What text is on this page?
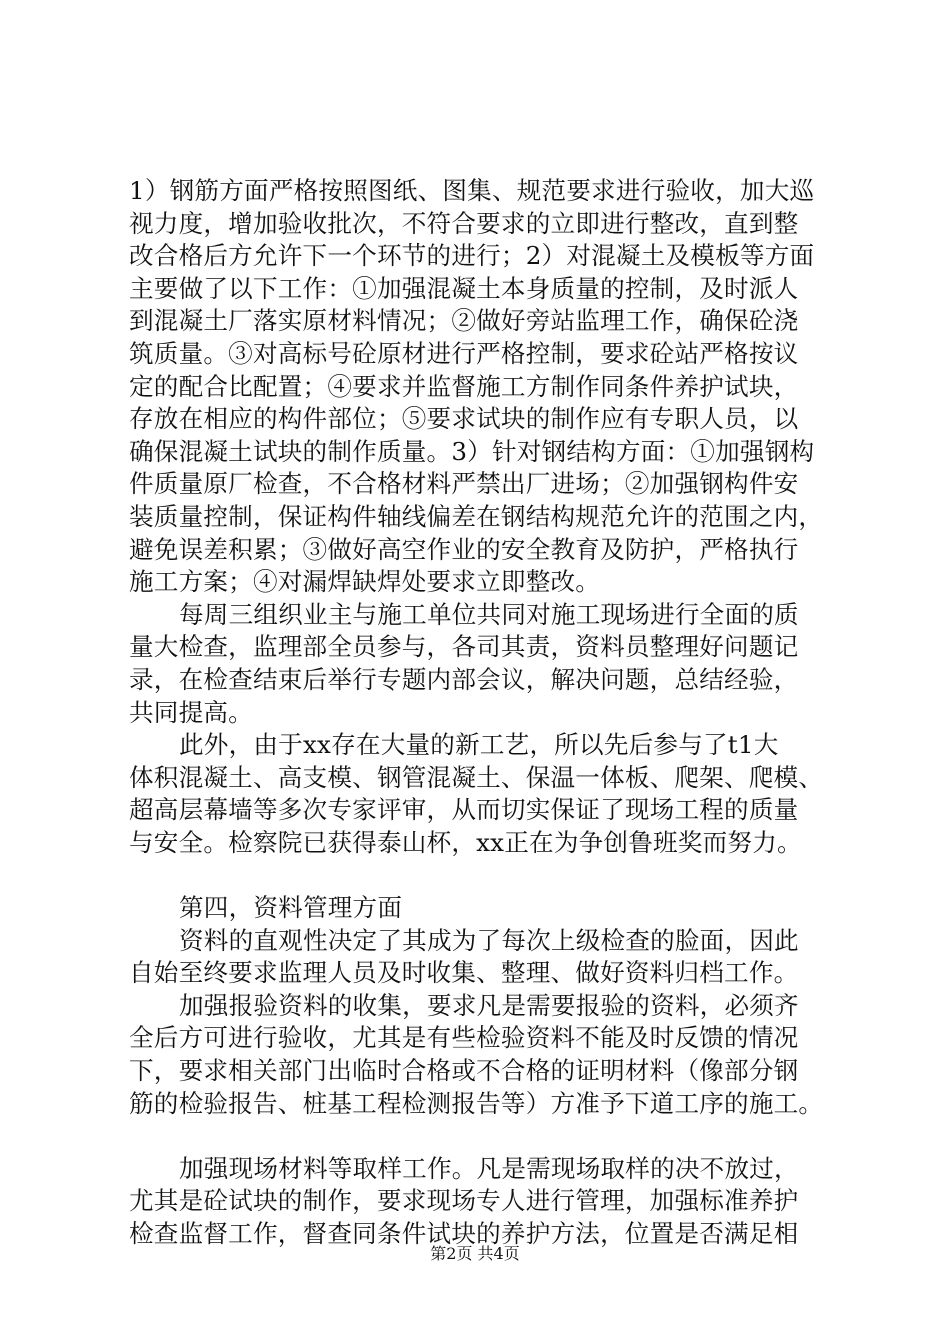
1）钢筋方面严格按照图纸、图集、规范要求进行验收，加大巡
视力度，增加验收批次，不符合要求的立即进行整改，直到整
改合格后方允许下一个环节的进行；2）对混凝土及模板等方面
主要做了以下工作：①加强混凝土本身质量的控制，及时派人
到混凝土厂落实原材料情况；②做好旁站监理工作，确保砼浇
筑质量。③对高标号砼原材进行严格控制，要求砼站严格按议
定的配合比配置；④要求并监督施工方制作同条件养护试块，
存放在相应的构件部位；⑤要求试块的制作应有专职人员，以
确保混凝土试块的制作质量。3）针对钢结构方面：①加强钢构
件质量原厂检查，不合格材料严禁出厂进场；②加强钢构件安
装质量控制，保证构件轴线偏差在钢结构规范允许的范围之内，
避免误差积累；③做好高空作业的安全教育及防护，严格执行
施工方案；④对漏焊缺焊处要求立即整改。
每周三组织业主与施工单位共同对施工现场进行全面的质
量大检查，监理部全员参与，各司其责，资料员整理好问题记
录，在检查结束后举行专题内部会议，解决问题，总结经验，
共同提高。
此外，由于xx存在大量的新工艺，所以先后参与了t1大
体积混凝土、高支模、钢管混凝土、保温一体板、爬架、爬模、
超高层幕墙等多次专家评审，从而切实保证了现场工程的质量
与安全。检察院已获得泰山杯，xx正在为争创鲁班奖而努力。
第四，资料管理方面
资料的直观性决定了其成为了每次上级检查的脸面，因此
自始至终要求监理人员及时收集、整理、做好资料归档工作。
加强报验资料的收集，要求凡是需要报验的资料，必须齐
全后方可进行验收，尤其是有些检验资料不能及时反馈的情况
下，要求相关部门出临时合格或不合格的证明材料（像部分钢
筋的检验报告、桩基工程检测报告等）方准予下道工序的施工。
加强现场材料等取样工作。凡是需现场取样的决不放过，
尤其是砼试块的制作，要求现场专人进行管理，加强标准养护
检查监督工作，督查同条件试块的养护方法，位置是否满足相
第2页 共4页
